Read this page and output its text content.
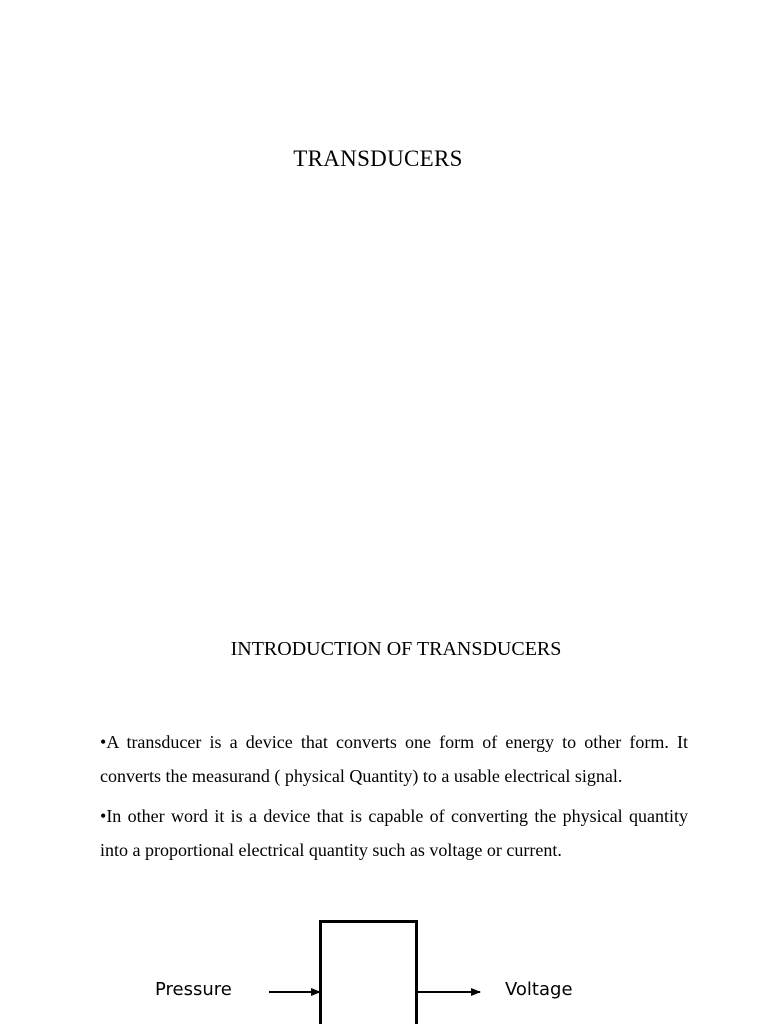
TRANSDUCERS
INTRODUCTION OF TRANSDUCERS

•A transducer is a device that converts one form of energy to other form. It converts the measurand ( physical Quantity) to a usable electrical signal.

•In other word it is a device that is capable of converting the physical quantity into a proportional electrical quantity such as voltage or current.

Pressure	Voltage
